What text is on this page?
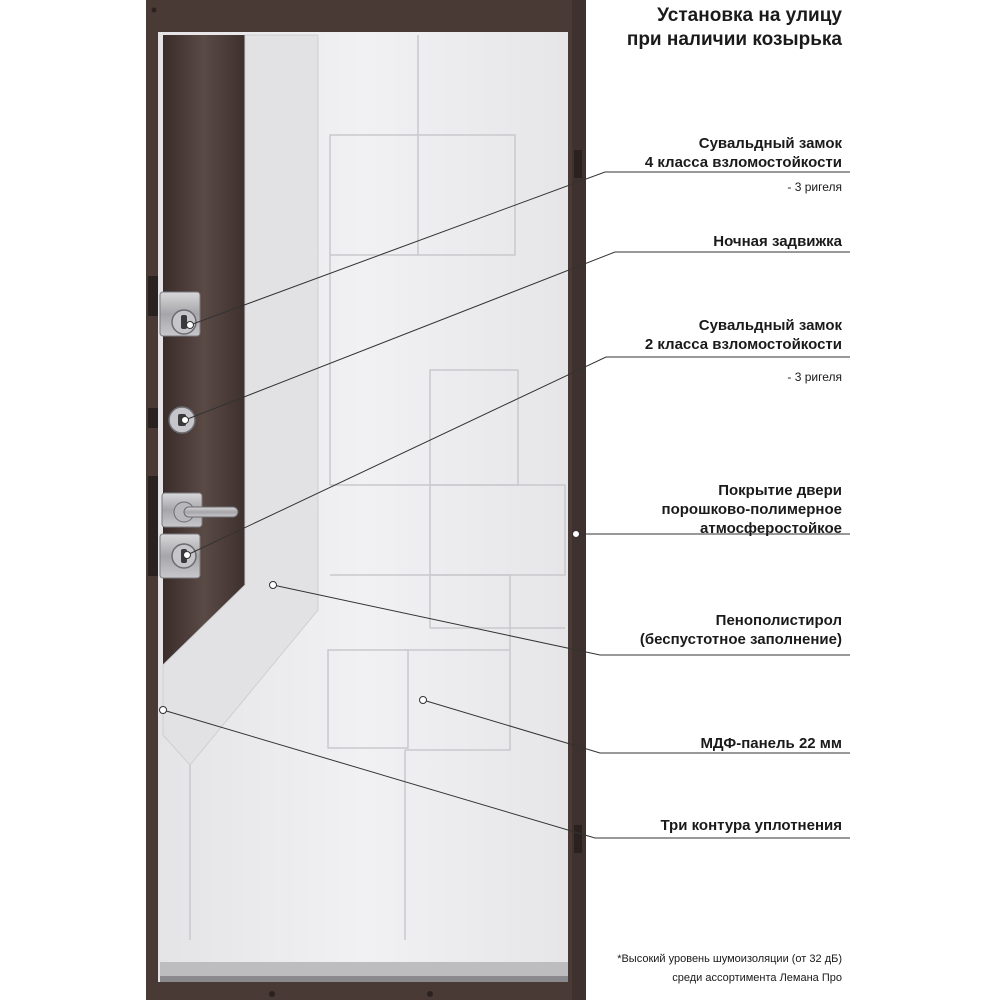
Установка на улицу
при наличии козырька
Сувальдный замок
4 класса взломостойкости
- 3 ригеля
Ночная задвижка
Сувальдный замок
2 класса взломостойкости
- 3 ригеля
Покрытие двери
порошково-полимерное
атмосферостойкое
Пенополистирол
(беспустотное заполнение)
МДФ-панель 22 мм
Три контура уплотнения
*Высокий уровень шумоизоляции (от 32 дБ)
среди ассортимента Лемана Про
